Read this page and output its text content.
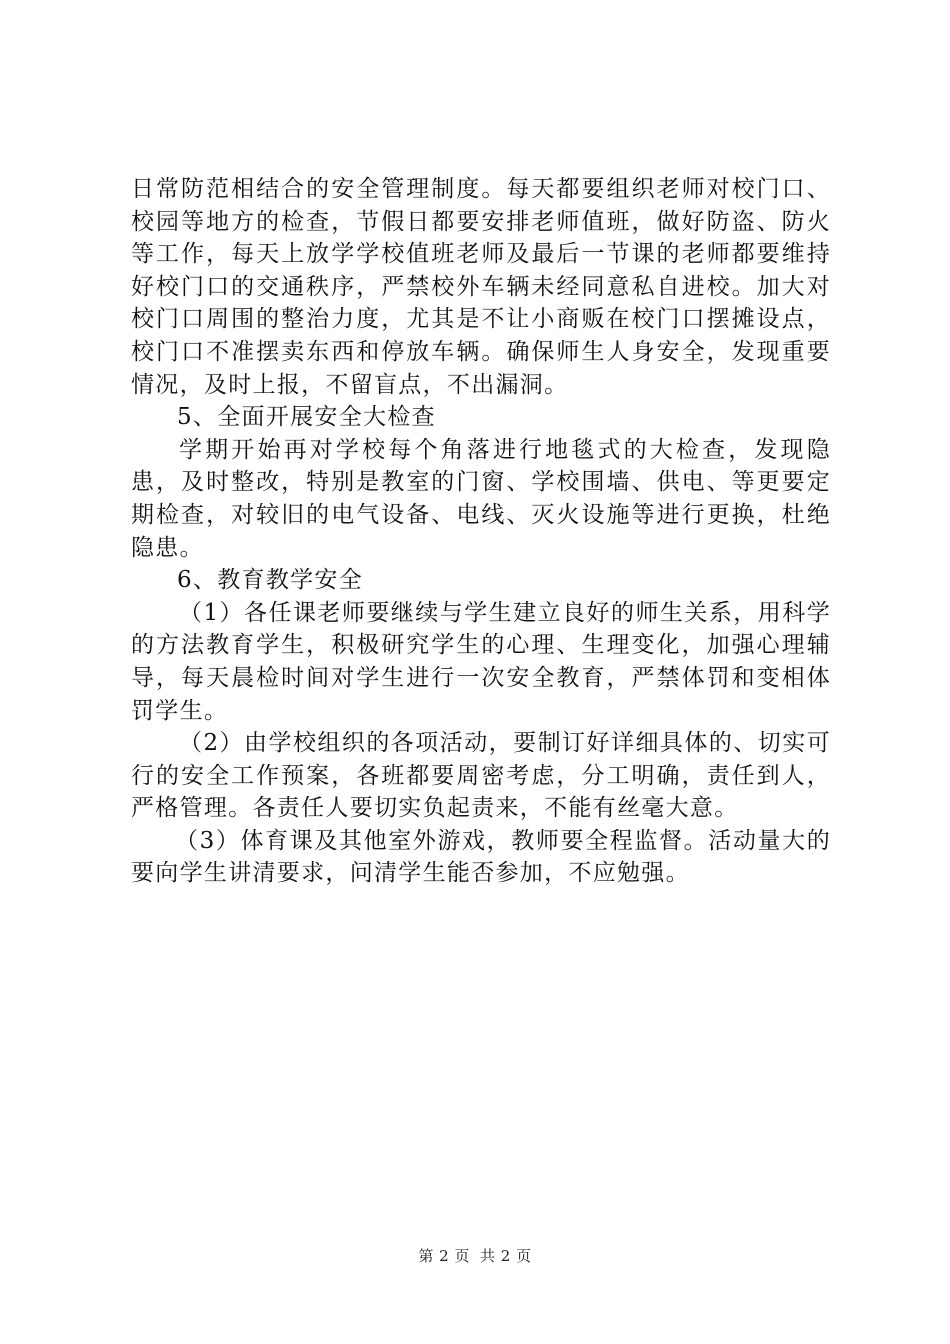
日常防范相结合的安全管理制度。每天都要组织老师对校门口、校园等地方的检查，节假日都要安排老师值班，做好防盗、防火等工作，每天上放学学校值班老师及最后一节课的老师都要维持好校门口的交通秩序，严禁校外车辆未经同意私自进校。加大对校门口周围的整治力度，尤其是不让小商贩在校门口摆摊设点，校门口不准摆卖东西和停放车辆。确保师生人身安全，发现重要情况，及时上报，不留盲点，不出漏洞。

5、全面开展安全大检查

学期开始再对学校每个角落进行地毯式的大检查，发现隐患，及时整改，特别是教室的门窗、学校围墙、供电、等更要定期检查，对较旧的电气设备、电线、灭火设施等进行更换，杜绝隐患。

6、教育教学安全

（1）各任课老师要继续与学生建立良好的师生关系，用科学的方法教育学生，积极研究学生的心理、生理变化，加强心理辅导，每天晨检时间对学生进行一次安全教育，严禁体罚和变相体罚学生。

（2）由学校组织的各项活动，要制订好详细具体的、切实可行的安全工作预案，各班都要周密考虑，分工明确，责任到人，严格管理。各责任人要切实负起责来，不能有丝毫大意。

（3）体育课及其他室外游戏，教师要全程监督。活动量大的要向学生讲清要求，问清学生能否参加，不应勉强。

第 2 页 共 2 页
